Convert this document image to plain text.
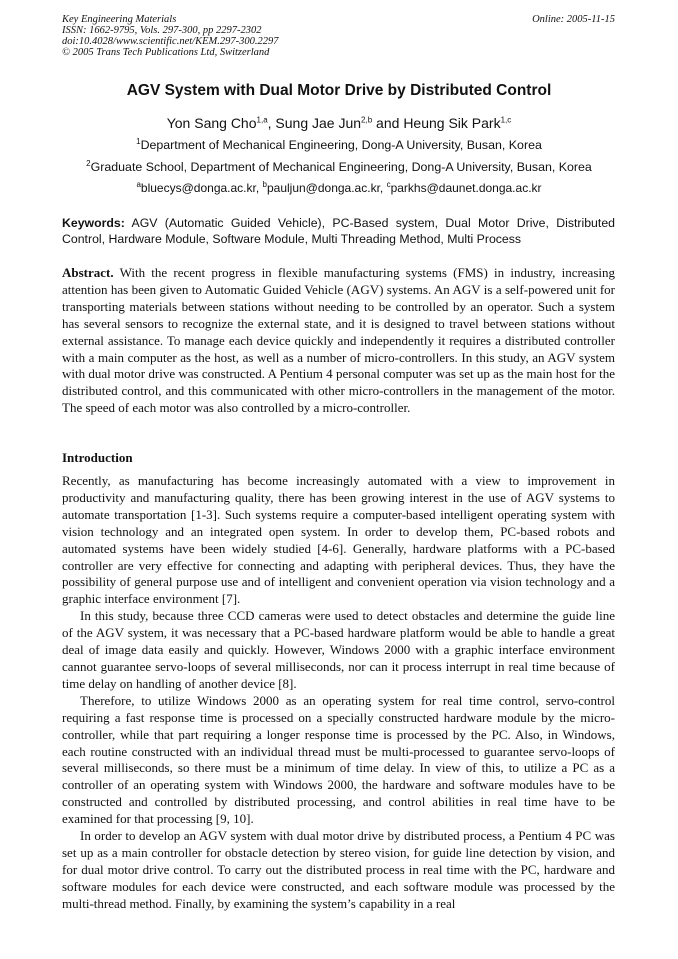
Key Engineering Materials
ISSN: 1662-9795, Vols. 297-300, pp 2297-2302
doi:10.4028/www.scientific.net/KEM.297-300.2297
© 2005 Trans Tech Publications Ltd, Switzerland
Online: 2005-11-15
AGV System with Dual Motor Drive by Distributed Control
Yon Sang Cho$^{1,a}$, Sung Jae Jun$^{2,b}$ and Heung Sik Park$^{1,c}$
$^1$Department of Mechanical Engineering, Dong-A University, Busan, Korea
$^2$Graduate School, Department of Mechanical Engineering, Dong-A University, Busan, Korea
$^a$bluecys@donga.ac.kr, $^b$pauljun@donga.ac.kr, $^c$parkhs@daunet.donga.ac.kr
Keywords: AGV (Automatic Guided Vehicle), PC-Based system, Dual Motor Drive, Distributed Control, Hardware Module, Software Module, Multi Threading Method, Multi Process

Abstract. With the recent progress in flexible manufacturing systems (FMS) in industry, increasing attention has been given to Automatic Guided Vehicle (AGV) systems. An AGV is a self-powered unit for transporting materials between stations without needing to be controlled by an operator. Such a system has several sensors to recognize the external state, and it is designed to travel between stations without external assistance. To manage each device quickly and independently it requires a distributed controller with a main computer as the host, as well as a number of micro-controllers. In this study, an AGV system with dual motor drive was constructed. A Pentium 4 personal computer was set up as the main host for the distributed control, and this communicated with other micro-controllers in the management of the motor. The speed of each motor was also controlled by a micro-controller.

Introduction

Recently, as manufacturing has become increasingly automated with a view to improvement in productivity and manufacturing quality, there has been growing interest in the use of AGV systems to automate transportation [1-3]. Such systems require a computer-based intelligent operating system with vision technology and an integrated open system. In order to develop them, PC-based robots and automated systems have been widely studied [4-6]. Generally, hardware platforms with a PC-based controller are very effective for connecting and adapting with peripheral devices. Thus, they have the possibility of general purpose use and of intelligent and convenient operation via vision technology and a graphic interface environment [7].

In this study, because three CCD cameras were used to detect obstacles and determine the guide line of the AGV system, it was necessary that a PC-based hardware platform would be able to handle a great deal of image data easily and quickly. However, Windows 2000 with a graphic interface environment cannot guarantee servo-loops of several milliseconds, nor can it process interrupt in real time because of time delay on handling of another device [8].

Therefore, to utilize Windows 2000 as an operating system for real time control, servo-control requiring a fast response time is processed on a specially constructed hardware module by the micro-controller, while that part requiring a longer response time is processed by the PC. Also, in Windows, each routine constructed with an individual thread must be multi-processed to guarantee servo-loops of several milliseconds, so there must be a minimum of time delay. In view of this, to utilize a PC as a controller of an operating system with Windows 2000, the hardware and software modules have to be constructed and controlled by distributed processing, and control abilities in real time have to be examined for that processing [9, 10].

In order to develop an AGV system with dual motor drive by distributed process, a Pentium 4 PC was set up as a main controller for obstacle detection by stereo vision, for guide line detection by vision, and for dual motor drive control. To carry out the distributed process in real time with the PC, hardware and software modules for each device were constructed, and each software module was processed by the multi-thread method. Finally, by examining the system’s capability in a real
